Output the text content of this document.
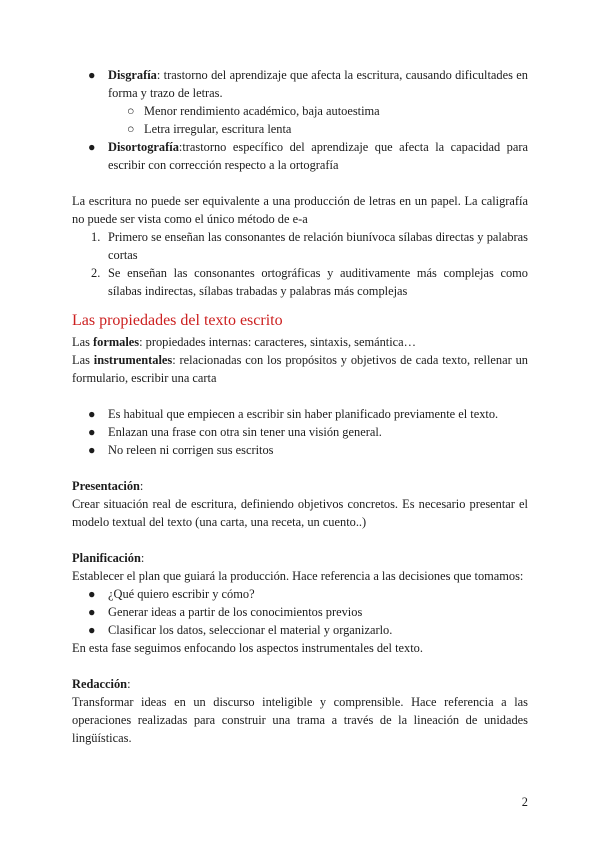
● Disgrafía: trastorno del aprendizaje que afecta la escritura, causando dificultades en forma y trazo de letras.
○ Menor rendimiento académico, baja autoestima
○ Letra irregular, escritura lenta
● Disortografía:trastorno específico del aprendizaje que afecta la capacidad para escribir con corrección respecto a la ortografía

La escritura no puede ser equivalente a una producción de letras en un papel. La caligrafía no puede ser vista como el único método de e-a

1. Primero se enseñan las consonantes de relación biunívoca sílabas directas y palabras cortas
2. Se enseñan las consonantes ortográficas y auditivamente más complejas como sílabas indirectas, sílabas trabadas y palabras más complejas
Las propiedades del texto escrito

Las formales: propiedades internas: caracteres, sintaxis, semántica…

Las instrumentales: relacionadas con los propósitos y objetivos de cada texto, rellenar un formulario, escribir una carta

● Es habitual que empiecen a escribir sin haber planificado previamente el texto.
● Enlazan una frase con otra sin tener una visión general.
● No releen ni corrigen sus escritos

Presentación:

Crear situación real de escritura, definiendo objetivos concretos. Es necesario presentar el modelo textual del texto (una carta, una receta, un cuento..)

Planificación:

Establecer el plan que guiará la producción. Hace referencia a las decisiones que tomamos:

● ¿Qué quiero escribir y cómo?
● Generar ideas a partir de los conocimientos previos
● Clasificar los datos, seleccionar el material y organizarlo.

En esta fase seguimos enfocando los aspectos instrumentales del texto.

Redacción:

Transformar ideas en un discurso inteligible y comprensible. Hace referencia a las operaciones realizadas para construir una trama a través de la lineación de unidades lingüísticas.

2
